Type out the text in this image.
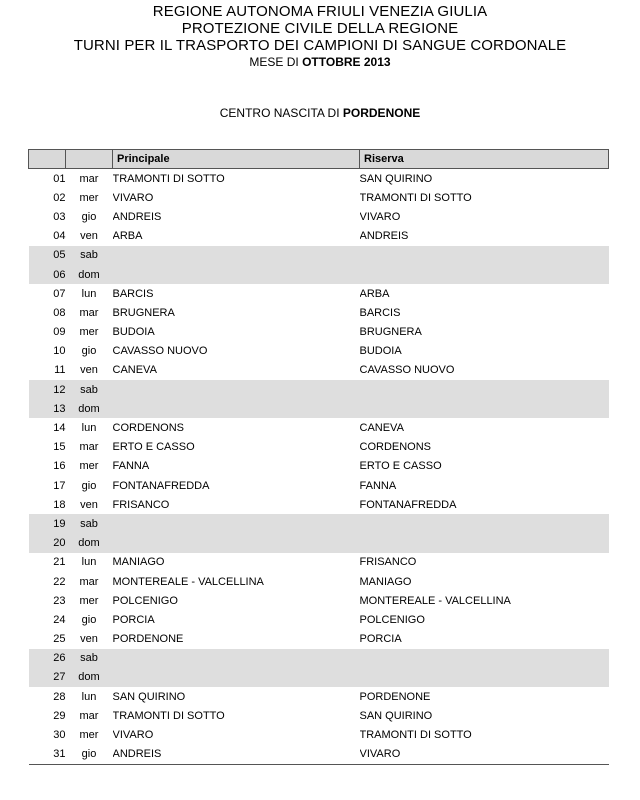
REGIONE AUTONOMA FRIULI VENEZIA GIULIA
PROTEZIONE CIVILE DELLA REGIONE
TURNI PER IL TRASPORTO DEI CAMPIONI DI SANGUE CORDONALE
MESE DI OTTOBRE 2013
CENTRO NASCITA DI PORDENONE
		Principale	Riserva
01	mar	TRAMONTI DI SOTTO	SAN QUIRINO
02	mer	VIVARO	TRAMONTI DI SOTTO
03	gio	ANDREIS	VIVARO
04	ven	ARBA	ANDREIS
05	sab		
06	dom		
07	lun	BARCIS	ARBA
08	mar	BRUGNERA	BARCIS
09	mer	BUDOIA	BRUGNERA
10	gio	CAVASSO NUOVO	BUDOIA
11	ven	CANEVA	CAVASSO NUOVO
12	sab		
13	dom		
14	lun	CORDENONS	CANEVA
15	mar	ERTO E CASSO	CORDENONS
16	mer	FANNA	ERTO E CASSO
17	gio	FONTANAFREDDA	FANNA
18	ven	FRISANCO	FONTANAFREDDA
19	sab		
20	dom		
21	lun	MANIAGO	FRISANCO
22	mar	MONTEREALE - VALCELLINA	MANIAGO
23	mer	POLCENIGO	MONTEREALE - VALCELLINA
24	gio	PORCIA	POLCENIGO
25	ven	PORDENONE	PORCIA
26	sab		
27	dom		
28	lun	SAN QUIRINO	PORDENONE
29	mar	TRAMONTI DI SOTTO	SAN QUIRINO
30	mer	VIVARO	TRAMONTI DI SOTTO
31	gio	ANDREIS	VIVARO
